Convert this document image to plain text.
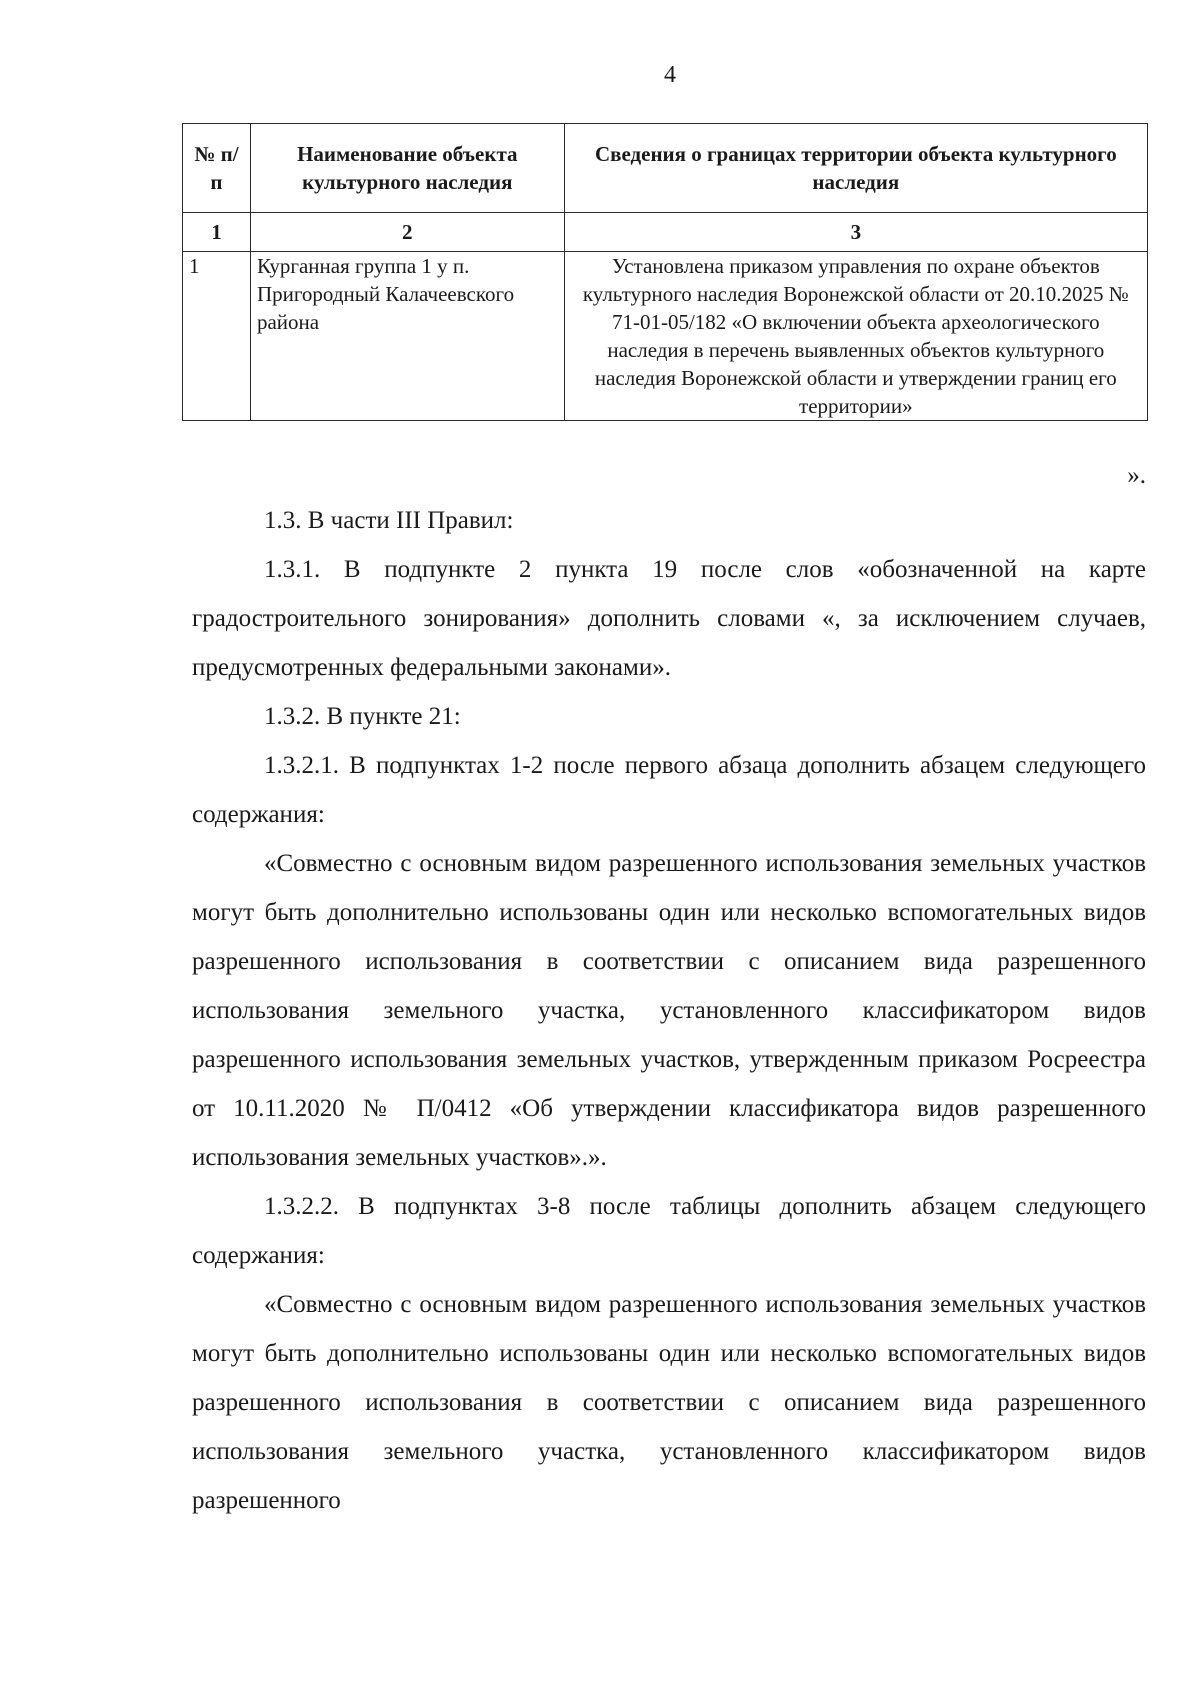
4
№ п/п	Наименование объекта культурного наследия	Сведения о границах территории объекта культурного наследия
1	2	3
1	Курганная группа 1 у п. Пригородный Калачеевского района	Установлена приказом управления по охране объектов культурного наследия Воронежской области от 20.10.2025 № 71-01-05/182 «О включении объекта археологического наследия в перечень выявленных объектов культурного наследия Воронежской области и утверждении границ его территории»
».

1.3. В части III Правил:

1.3.1. В подпункте 2 пункта 19 после слов «обозначенной на карте градостроительного зонирования» дополнить словами «, за исключением случаев, предусмотренных федеральными законами».

1.3.2. В пункте 21:

1.3.2.1. В подпунктах 1-2 после первого абзаца дополнить абзацем следующего содержания:

«Совместно с основным видом разрешенного использования земельных участков могут быть дополнительно использованы один или несколько вспомогательных видов разрешенного использования в соответствии с описанием вида разрешенного использования земельного участка, установленного классификатором видов разрешенного использования земельных участков, утвержденным приказом Росреестра от 10.11.2020 № П/0412 «Об утверждении классификатора видов разрешенного использования земельных участков».».

1.3.2.2. В подпунктах 3-8 после таблицы дополнить абзацем следующего содержания:

«Совместно с основным видом разрешенного использования земельных участков могут быть дополнительно использованы один или несколько вспомогательных видов разрешенного использования в соответствии с описанием вида разрешенного использования земельного участка, установленного классификатором видов разрешенного
